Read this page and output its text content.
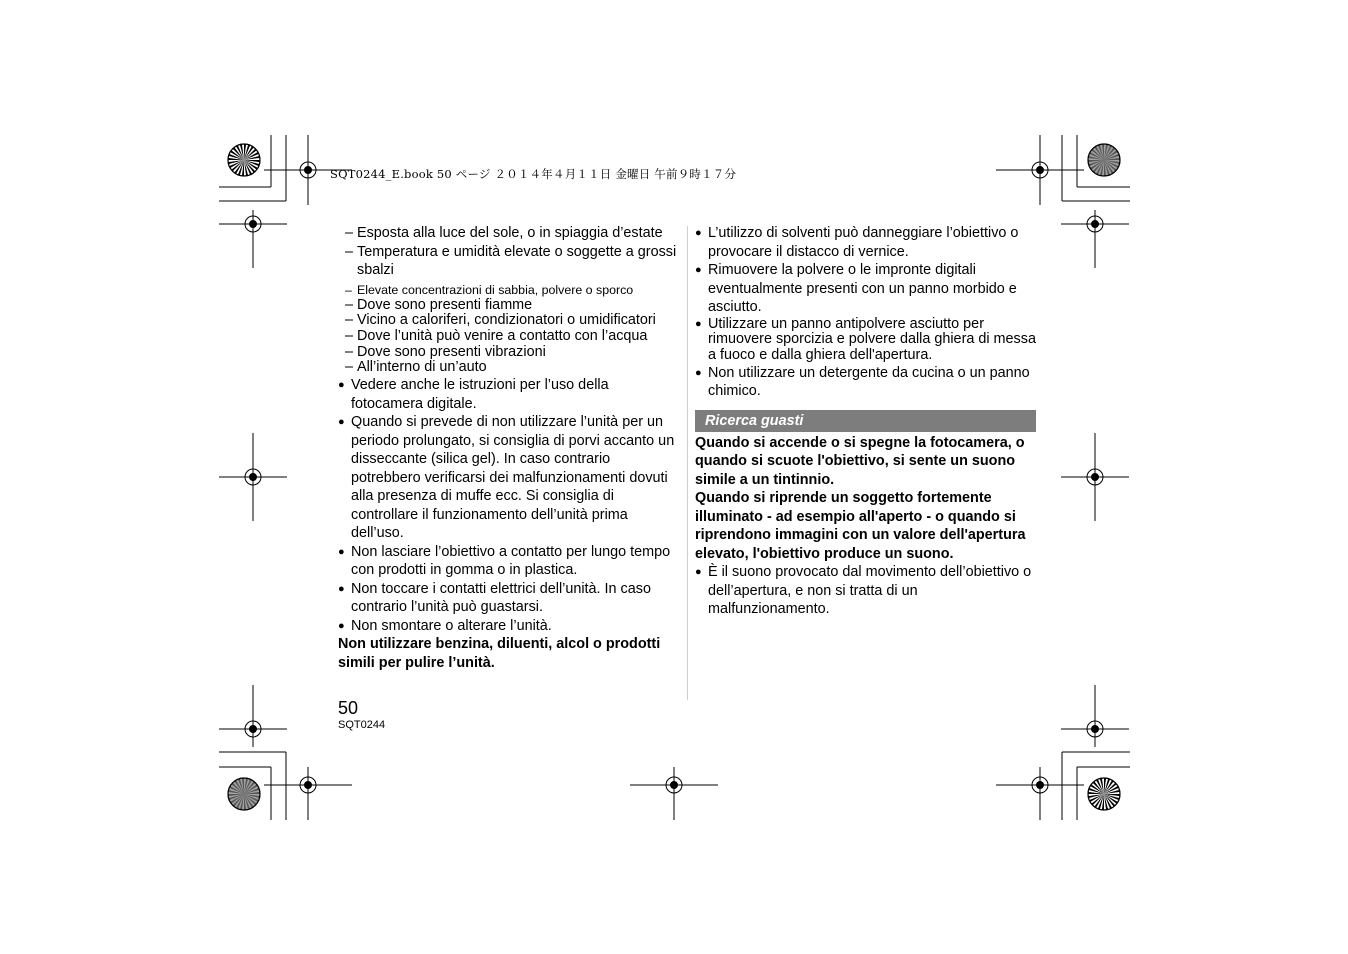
SQT0244_E.book 50 ページ ２０１４年４月１１日 金曜日 午前９時１７分
– Esposta alla luce del sole, o in spiaggia d’estate
– Temperatura e umidità elevate o soggette a grossi sbalzi
– Elevate concentrazioni di sabbia, polvere o sporco
– Dove sono presenti fiamme
– Vicino a caloriferi, condizionatori o umidificatori
– Dove l’unità può venire a contatto con l’acqua
– Dove sono presenti vibrazioni
– All’interno di un’auto
● Vedere anche le istruzioni per l’uso della fotocamera digitale.
● Quando si prevede di non utilizzare l’unità per un periodo prolungato, si consiglia di porvi accanto un disseccante (silica gel). In caso contrario potrebbero verificarsi dei malfunzionamenti dovuti alla presenza di muffe ecc. Si consiglia di controllare il funzionamento dell’unità prima dell’uso.
● Non lasciare l’obiettivo a contatto per lungo tempo con prodotti in gomma o in plastica.
● Non toccare i contatti elettrici dell’unità. In caso contrario l’unità può guastarsi.
● Non smontare o alterare l’unità.
Non utilizzare benzina, diluenti, alcol o prodotti simili per pulire l’unità.
● L’utilizzo di solventi può danneggiare l’obiettivo o provocare il distacco di vernice.
● Rimuovere la polvere o le impronte digitali eventualmente presenti con un panno morbido e asciutto.
● Utilizzare un panno antipolvere asciutto per rimuovere sporcizia e polvere dalla ghiera di messa a fuoco e dalla ghiera dell'apertura.
● Non utilizzare un detergente da cucina o un panno chimico.
Ricerca guasti
Quando si accende o si spegne la fotocamera, o quando si scuote l'obiettivo, si sente un suono simile a un tintinnio.
Quando si riprende un soggetto fortemente illuminato - ad esempio all'aperto - o quando si riprendono immagini con un valore dell'apertura elevato, l'obiettivo produce un suono.
● È il suono provocato dal movimento dell’obiettivo o dell’apertura, e non si tratta di un malfunzionamento.
50
SQT0244
